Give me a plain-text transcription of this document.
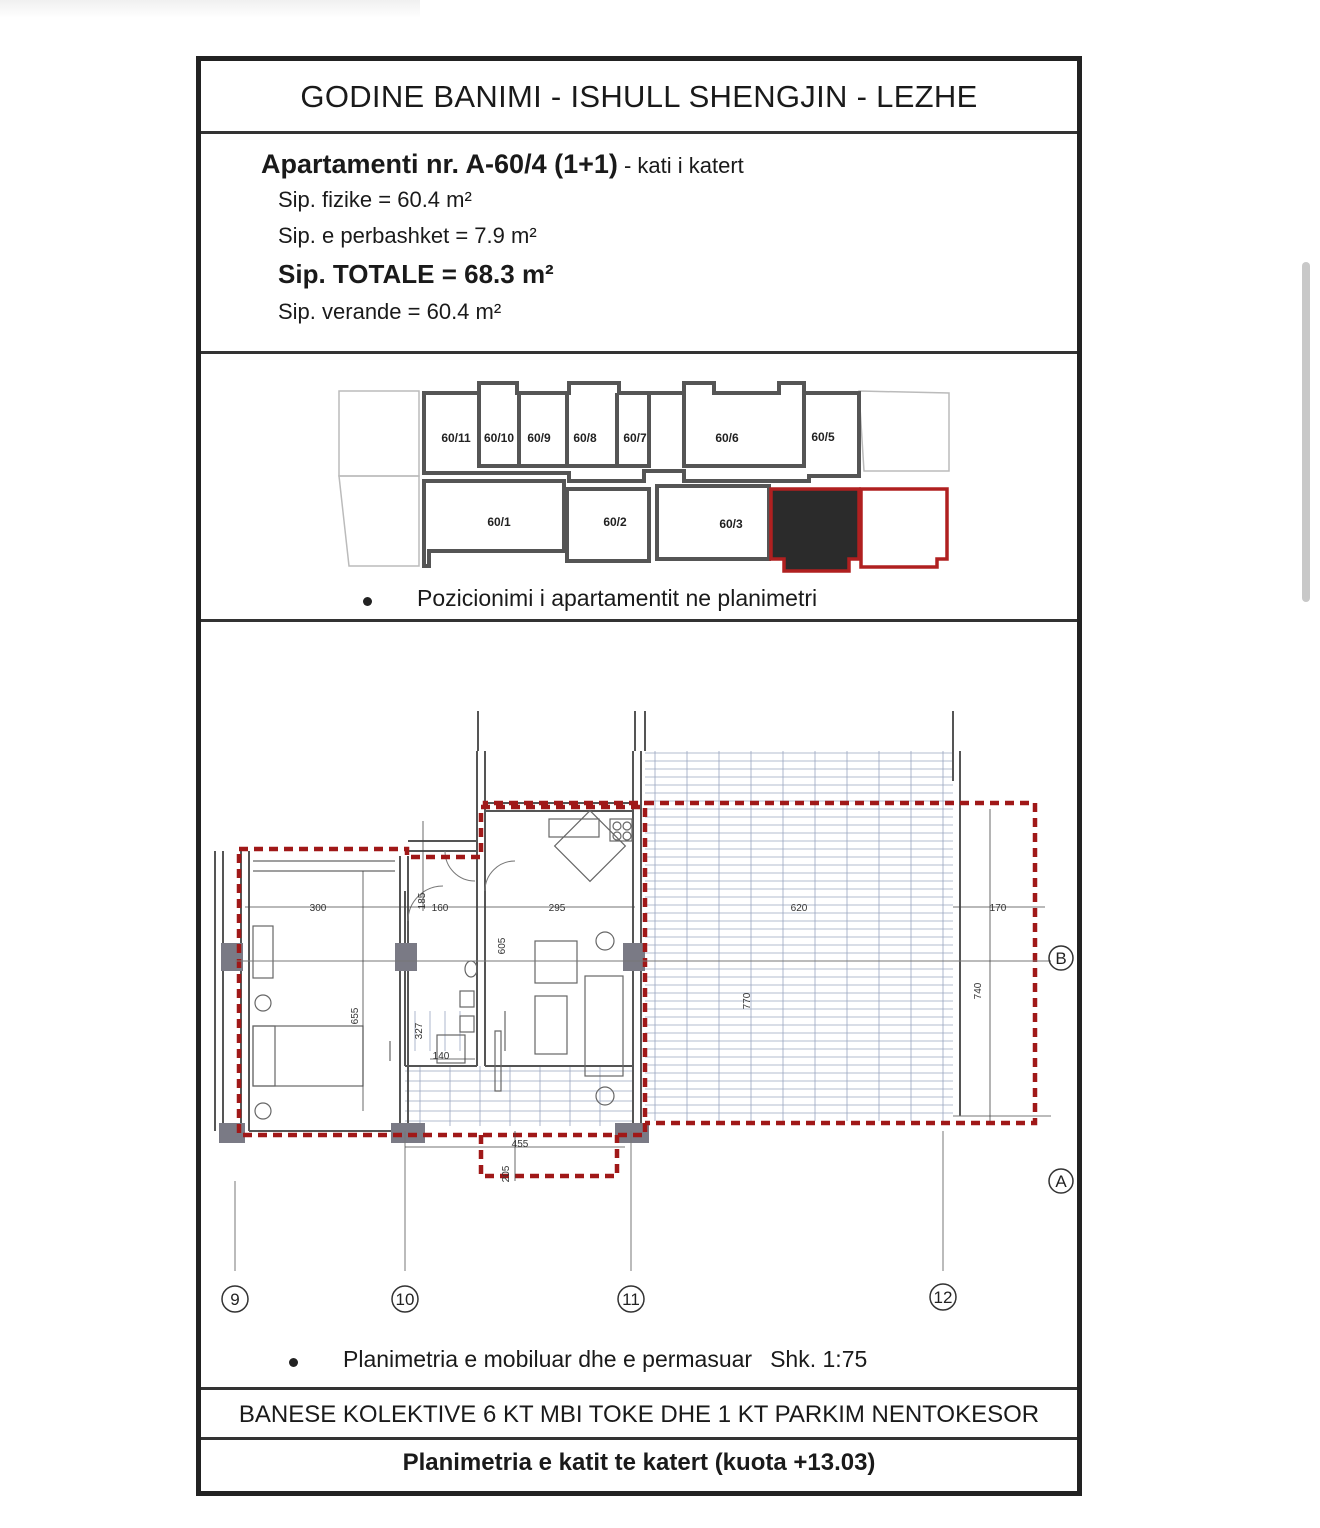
GODINE BANIMI - ISHULL SHENGJIN - LEZHE
Apartamenti nr. A-60/4 (1+1) - kati i katert
Sip. fizike = 60.4 m²
Sip. e perbashket = 7.9 m²
Sip. TOTALE = 68.3 m²
Sip. verande = 60.4 m²
60/11 60/10 60/9 60/8 60/7	60/6	60/5
60/1	60/2	60/3
Pozicionimi i apartamentit ne planimetri
300	160
185	295
605
620	170
740
770
655
327
140
455
205
9	10	11	12
B
A
Planimetria e mobiluar dhe e permasuar Shk. 1:75
BANESE KOLEKTIVE 6 KT MBI TOKE DHE 1 KT PARKIM NENTOKESOR
Planimetria e katit te katert (kuota +13.03)
